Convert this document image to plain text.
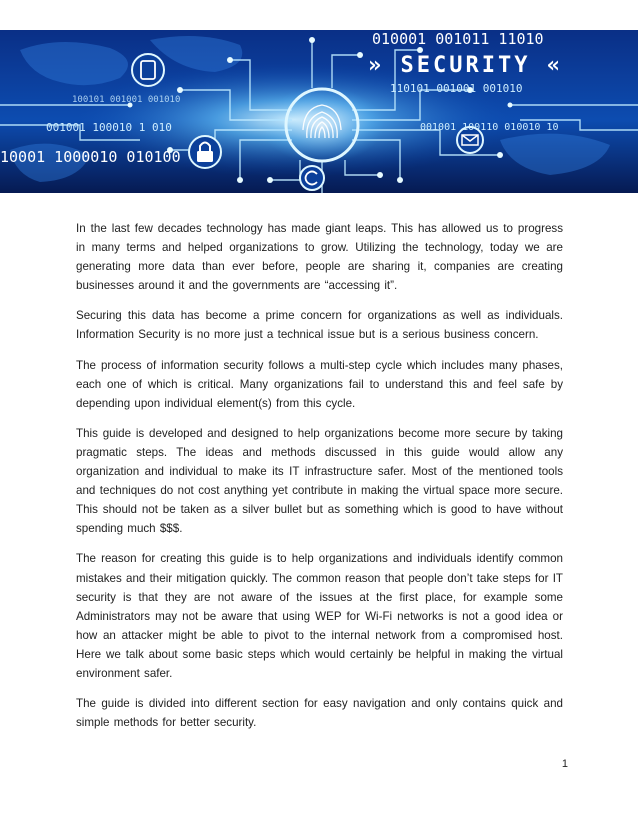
010001 001011 11010
» SECURITY «
110101 001001 001010
001001 100010 1 010
10001 1000010 010100
001001 100110 010010 10
100101 001001 001010

In the last few decades technology has made giant leaps. This has allowed us to progress in many terms and helped organizations to grow. Utilizing the technology, today we are generating more data than ever before, people are sharing it, companies are creating businesses around it and the governments are “accessing it”.

Securing this data has become a prime concern for organizations as well as individuals. Information Security is no more just a technical issue but is a serious business concern.

The process of information security follows a multi-step cycle which includes many phases, each one of which is critical. Many organizations fail to understand this and feel safe by depending upon individual element(s) from this cycle.

This guide is developed and designed to help organizations become more secure by taking pragmatic steps. The ideas and methods discussed in this guide would allow any organization and individual to make its IT infrastructure safer. Most of the mentioned tools and techniques do not cost anything yet contribute in making the virtual space more secure. This should not be taken as a silver bullet but as something which is good to have without spending much $$$.

The reason for creating this guide is to help organizations and individuals identify common mistakes and their mitigation quickly. The common reason that people don’t take steps for IT security is that they are not aware of the issues at the first place, for example some Administrators may not be aware that using WEP for Wi-Fi networks is not a good idea or how an attacker might be able to pivot to the internal network from a compromised host. Here we talk about some basic steps which would certainly be helpful in making the virtual environment safer.

The guide is divided into different section for easy navigation and only contains quick and simple methods for better security.

1
